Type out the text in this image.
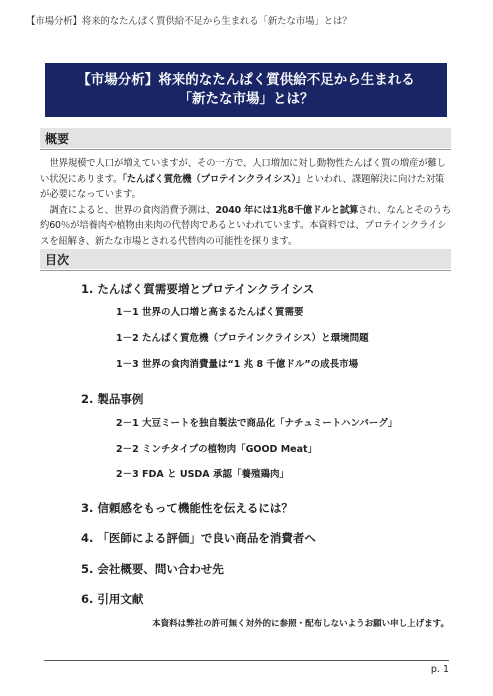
【市場分析】将来的なたんぱく質供給不足から生まれる「新たな市場」とは？
【市場分析】将来的なたんぱく質供給不足から生まれる
「新たな市場」とは？
概要

世界規模で人口が増えていますが、その一方で、人口増加に対し動物性たんぱく質の増産が難しい状況にあります。「たんぱく質危機（プロテインクライシス）」といわれ、課題解決に向けた対策が必要になっています。

調査によると、世界の食肉消費予測は、2040 年には1兆8千億ドルと試算され、なんとそのうち約60％が培養肉や植物由来肉の代替肉であるといわれています。本資料では、プロテインクライシスを紐解き、新たな市場とされる代替肉の可能性を探ります。

目次
1. たんぱく質需要増とプロテインクライシス
1－1 世界の人口増と高まるたんぱく質需要
1－2 たんぱく質危機（プロテインクライシス）と環境問題
1－3 世界の食肉消費量は“1 兆 8 千億ドル”の成長市場
2. 製品事例
2－1 大豆ミートを独自製法で商品化「ナチュミートハンバーグ」
2－2 ミンチタイプの植物肉「GOOD Meat」
2－3 FDA と USDA 承認「養殖鶏肉」
3. 信頼感をもって機能性を伝えるには？
4. 「医師による評価」で良い商品を消費者へ
5. 会社概要、問い合わせ先
6. 引用文献
本資料は弊社の許可無く対外的に参照・配布しないようお願い申し上げます。
p. 1
